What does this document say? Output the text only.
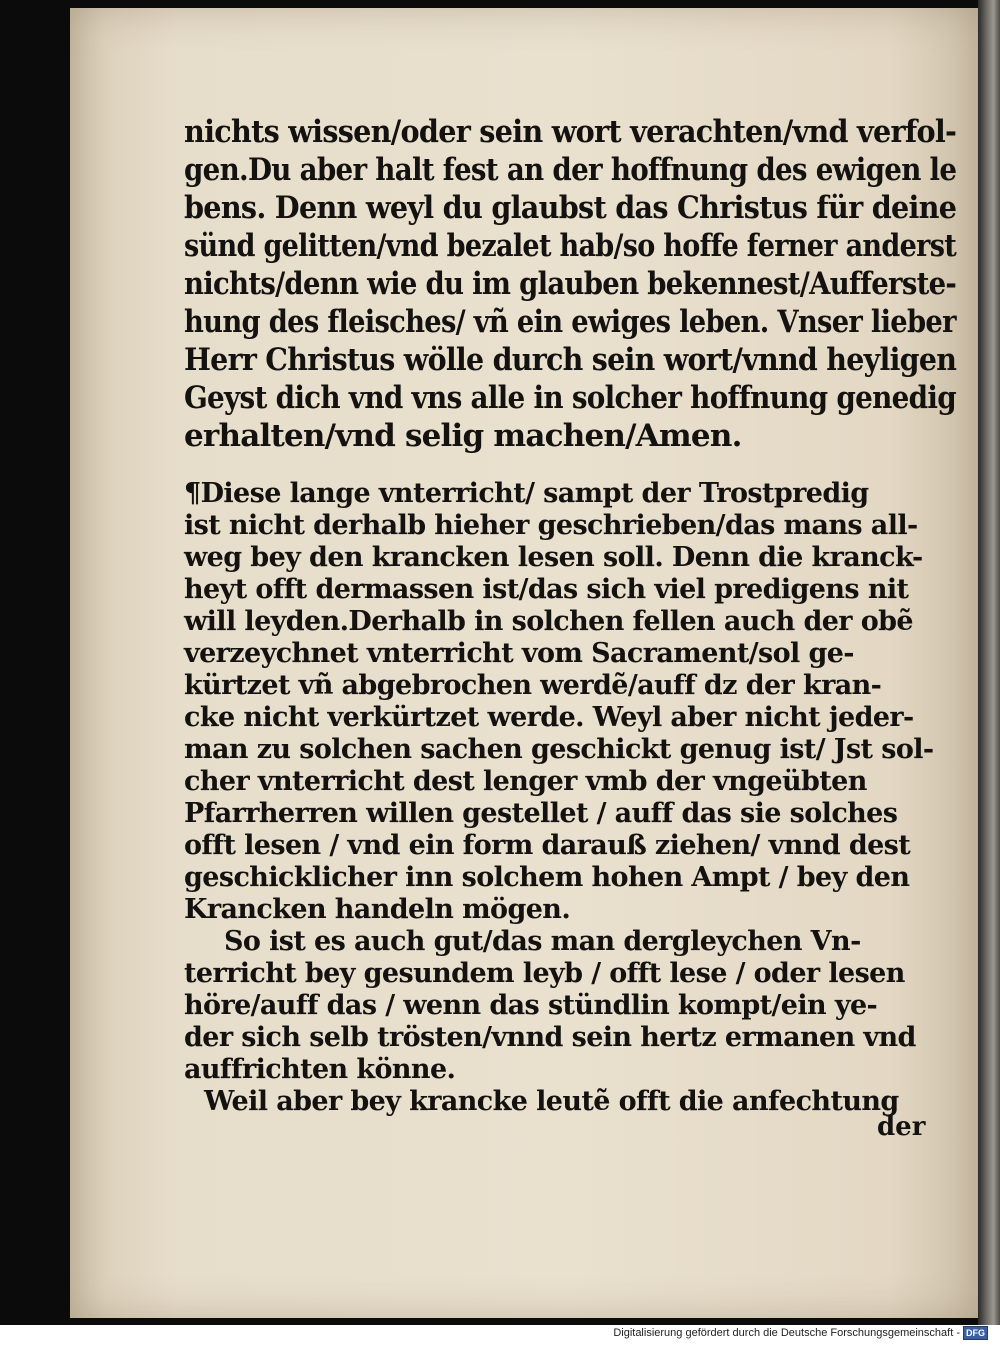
nichts wissen/oder sein wort verachten/vnd verfol-
gen.Du aber halt fest an der hoffnung des ewigen le
bens. Denn weyl du glaubst das Christus für deine
sünd gelitten/vnd bezalet hab/so hoffe ferner anderst
nichts/denn wie du im glauben bekennest/Aufferste-
hung des fleisches/ vñ ein ewiges leben. Vnser lieber
Herr Christus wölle durch sein wort/vnnd heyligen
Geyst dich vnd vns alle in solcher hoffnung genedig
erhalten/vnd selig machen/Amen.
¶Diese lange vnterricht/ sampt der Trostpredig
ist nicht derhalb hieher geschrieben/das mans all-
weg bey den krancken lesen soll. Denn die kranck-
heyt offt dermassen ist/das sich viel predigens nit
will leyden.Derhalb in solchen fellen auch der obẽ
verzeychnet vnterricht vom Sacrament/sol ge-
kürtzet vñ abgebrochen werdẽ/auff dz der kran-
cke nicht verkürtzet werde. Weyl aber nicht jeder-
man zu solchen sachen geschickt genug ist/ Jst sol-
cher vnterricht dest lenger vmb der vngeübten
Pfarrherren willen gestellet / auff das sie solches
offt lesen / vnd ein form darauß ziehen/ vnnd dest
geschicklicher inn solchem hohen Ampt / bey den
Krancken handeln mögen.
So ist es auch gut/das man dergleychen Vn-
terricht bey gesundem leyb / offt lese / oder lesen
höre/auff das / wenn das stündlin kompt/ein ye-
der sich selb trösten/vnnd sein hertz ermanen vnd
auffrichten könne.
Weil aber bey krancke leutẽ offt die anfechtung
der
Digitalisierung gefördert durch die Deutsche Forschungsgemeinschaft - DFG
